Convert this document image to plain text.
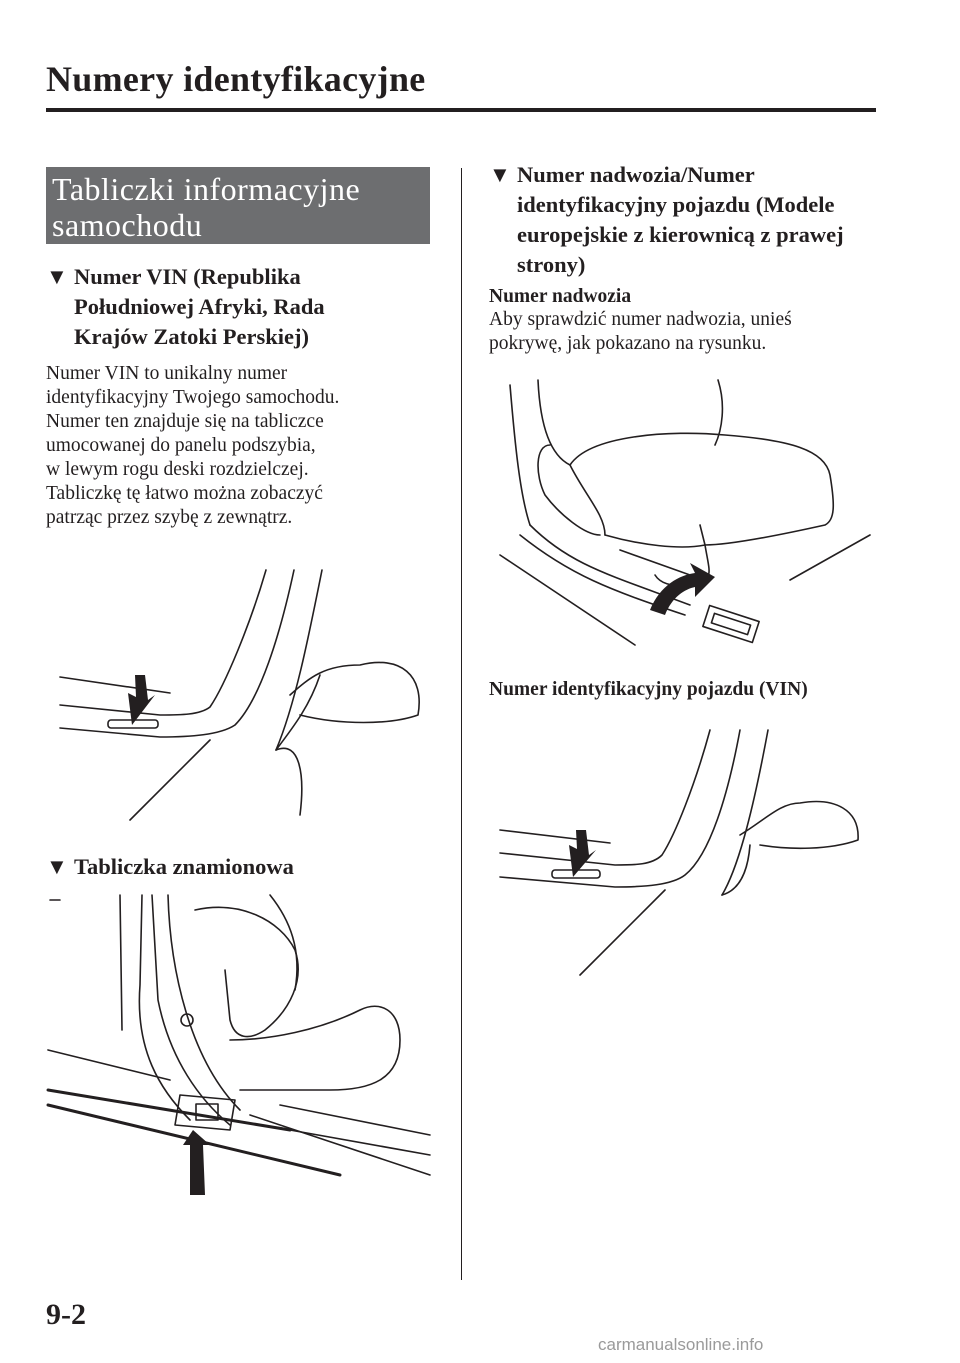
Numery identyfikacyjne
Tabliczki informacyjne samochodu
▼ Numer VIN (Republika Południowej Afryki, Rada Krajów Zatoki Perskiej)
Numer VIN to unikalny numer
identyfikacyjny Twojego samochodu.
Numer ten znajduje się na tabliczce
umocowanej do panelu podszybia,
w lewym rogu deski rozdzielczej.
Tabliczkę tę łatwo można zobaczyć
patrząc przez szybę z zewnątrz.
▼ Tabliczka znamionowa
▼ Numer nadwozia/Numer identyfikacyjny pojazdu (Modele europejskie z kierownicą z prawej strony)
Numer nadwozia
Aby sprawdzić numer nadwozia, unieś
pokrywę, jak pokazano na rysunku.
Numer identyfikacyjny pojazdu (VIN)
9-2
carmanualsonline.info
